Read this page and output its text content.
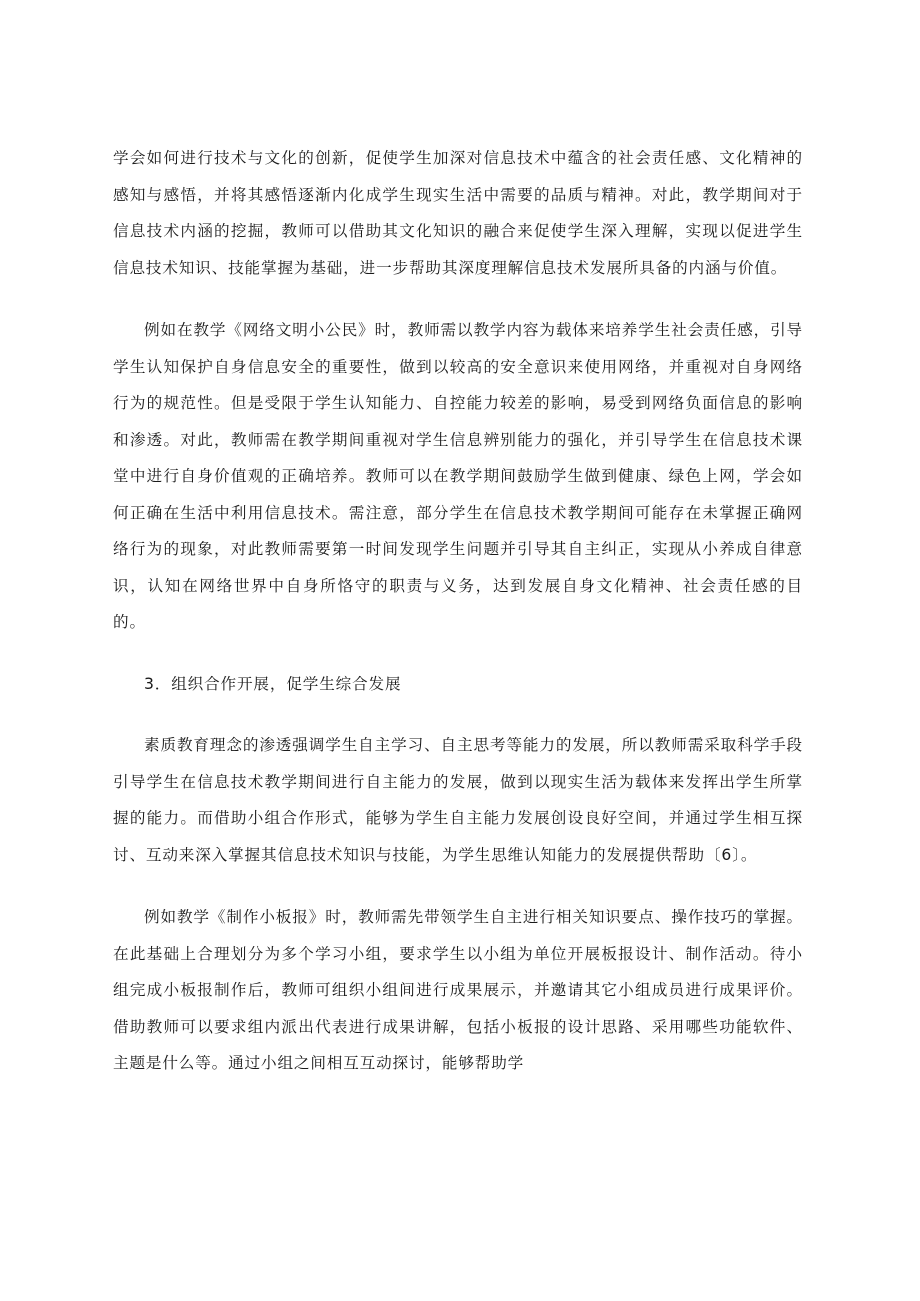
学会如何进行技术与文化的创新，促使学生加深对信息技术中蕴含的社会责任感、文化精神的感知与感悟，并将其感悟逐渐内化成学生现实生活中需要的品质与精神。对此，教学期间对于信息技术内涵的挖掘，教师可以借助其文化知识的融合来促使学生深入理解，实现以促进学生信息技术知识、技能掌握为基础，进一步帮助其深度理解信息技术发展所具备的内涵与价值。

例如在教学《网络文明小公民》时，教师需以教学内容为载体来培养学生社会责任感，引导学生认知保护自身信息安全的重要性，做到以较高的安全意识来使用网络，并重视对自身网络行为的规范性。但是受限于学生认知能力、自控能力较差的影响，易受到网络负面信息的影响和渗透。对此，教师需在教学期间重视对学生信息辨别能力的强化，并引导学生在信息技术课堂中进行自身价值观的正确培养。教师可以在教学期间鼓励学生做到健康、绿色上网，学会如何正确在生活中利用信息技术。需注意，部分学生在信息技术教学期间可能存在未掌握正确网络行为的现象，对此教师需要第一时间发现学生问题并引导其自主纠正，实现从小养成自律意识，认知在网络世界中自身所恪守的职责与义务，达到发展自身文化精神、社会责任感的目的。

3．组织合作开展，促学生综合发展

素质教育理念的渗透强调学生自主学习、自主思考等能力的发展，所以教师需采取科学手段引导学生在信息技术教学期间进行自主能力的发展，做到以现实生活为载体来发挥出学生所掌握的能力。而借助小组合作形式，能够为学生自主能力发展创设良好空间，并通过学生相互探讨、互动来深入掌握其信息技术知识与技能，为学生思维认知能力的发展提供帮助〔6〕。

例如教学《制作小板报》时，教师需先带领学生自主进行相关知识要点、操作技巧的掌握。在此基础上合理划分为多个学习小组，要求学生以小组为单位开展板报设计、制作活动。待小组完成小板报制作后，教师可组织小组间进行成果展示，并邀请其它小组成员进行成果评价。借助教师可以要求组内派出代表进行成果讲解，包括小板报的设计思路、采用哪些功能软件、主题是什么等。通过小组之间相互互动探讨，能够帮助学
